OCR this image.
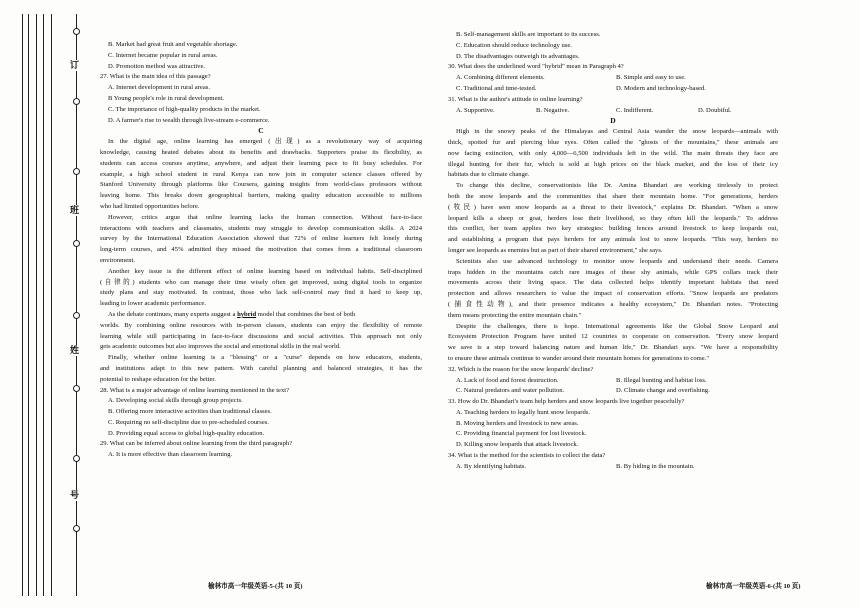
订
班
姓
号
B. Market had great fruit and vegetable shortage.
C. Internet became popular in rural areas.
D. Promotion method was attractive.
27. What is the main idea of this passage?
A. Internet development in rural areas.
B Young people's role in rural development.
C. The importance of high-quality products in the market.
D. A farmer's rise to wealth through live-stream e-commerce.
C
In the digital age, online learning has emerged (出现) as a revolutionary way of acquiring
knowledge, causing heated debates about its benefits and drawbacks. Supporters praise its flexibility, as
students can access courses anytime, anywhere, and adjust their learning pace to fit busy schedules. For
example, a high school student in rural Kenya can now join in computer science classes offered by
Stanford University through platforms like Coursera, gaining insights from world-class professors without
leaving home. This breaks down geographical barriers, making quality education accessible to millions
who had limited opportunities before.
However, critics argue that online learning lacks the human connection. Without face-to-face
interactions with teachers and classmates, students may struggle to develop communication skills. A 2024
survey by the International Education Association showed that 72% of online learners felt lonely during
long-term courses, and 45% admitted they missed the motivation that comes from a traditional classroom
environment.
Another key issue is the different effect of online learning based on individual habits. Self-disciplined
(自律的) students who can manage their time wisely often get improved, using digital tools to organize
study plans and stay motivated. In contrast, those who lack self-control may find it hard to keep up,
leading to lower academic performance.
As the debate continues, many experts suggest a hybrid model that combines the best of both
worlds. By combining online resources with in-person classes, students can enjoy the flexibility of remote
learning while still participating in face-to-face discussions and social activities. This approach not only
gets academic outcomes but also improves the social and emotional skills in the real world.
Finally, whether online learning is a "blessing" or a "curse" depends on how educators, students,
and institutions adapt to this new pattern. With careful planning and balanced strategies, it has the
potential to reshape education for the better.
28. What is a major advantage of online learning mentioned in the text?
A. Developing social skills through group projects.
B. Offering more interactive activities than traditional classes.
C. Requiring no self-discipline due to pre-scheduled courses.
D. Providing equal access to global high-quality education.
29. What can be inferred about online learning from the third paragraph?
A. It is more effective than classroom learning.
榆林市高一年级英语-5-(共 10 页)
B. Self-management skills are important to its success.
C. Education should reduce technology use.
D. The disadvantages outweigh its advantages.
30. What does the underlined word "hybrid" mean in Paragraph 4?
A. Combining different elements.	B. Simple and easy to use.
C. Traditional and time-tested.	D. Modern and technology-based.
31. What is the author's attitude to online learning?
A. Supportive.	B. Negative.	C. Indifferent.	D. Doubtful.
D
High in the snowy peaks of the Himalayas and Central Asia wander the snow leopards—animals with
thick, spotted fur and piercing blue eyes. Often called the "ghosts of the mountains," these animals are
now facing extinction, with only 4,000—6,500 individuals left in the wild. The main threats they face are
illegal hunting for their fur, which is sold at high prices on the black market, and the loss of their icy
habitats due to climate change.
To change this decline, conservationists like Dr. Amina Bhandari are working tirelessly to protect
both the snow leopards and the communities that share their mountain home. "For generations, herders
(牧民) have seen snow leopards as a threat to their livestock," explains Dr. Bhandari. "When a snow
leopard kills a sheep or goat, herders lose their livelihood, so they often kill the leopards." To address
this conflict, her team applies two key strategies: building fences around livestock to keep leopards out,
and establishing a program that pays herders for any animals lost to snow leopards. "This way, herders no
longer see leopards as enemies but as part of their shared environment," she says.
Scientists also use advanced technology to monitor snow leopards and understand their needs. Camera
traps hidden in the mountains catch rare images of these shy animals, while GPS collars track their
movements across their living space. The data collected helps identify important habitats that need
protection and allows researchers to value the impact of conservation efforts. "Snow leopards are predators
(捕食性动物), and their presence indicates a healthy ecosystem," Dr. Bhandari notes. "Protecting
them means protecting the entire mountain chain."
Despite the challenges, there is hope. International agreements like the Global Snow Leopard and
Ecosystem Protection Program have united 12 countries to cooperate on conservation. "Every snow leopard
we save is a step toward balancing nature and human life," Dr. Bhandari says. "We have a responsibility
to ensure these animals continue to wander around their mountain homes for generations to come."
32. Which is the reason for the snow leopards' decline?
A. Lack of food and forest destruction.	B. Illegal hunting and habitat loss.
C. Natural predators and water pollution.	D. Climate change and overfishing.
33. How do Dr. Bhandari's team help herders and snow leopards live together peacefully?
A. Teaching herders to legally hunt snow leopards.
B. Moving herders and livestock to new areas.
C. Providing financial payment for lost livestock.
D. Killing snow leopards that attack livestock.
34. What is the method for the scientists to collect the data?
A. By identifying habitats.	B. By hiding in the mountain.
榆林市高一年级英语-6-(共 10 页)
